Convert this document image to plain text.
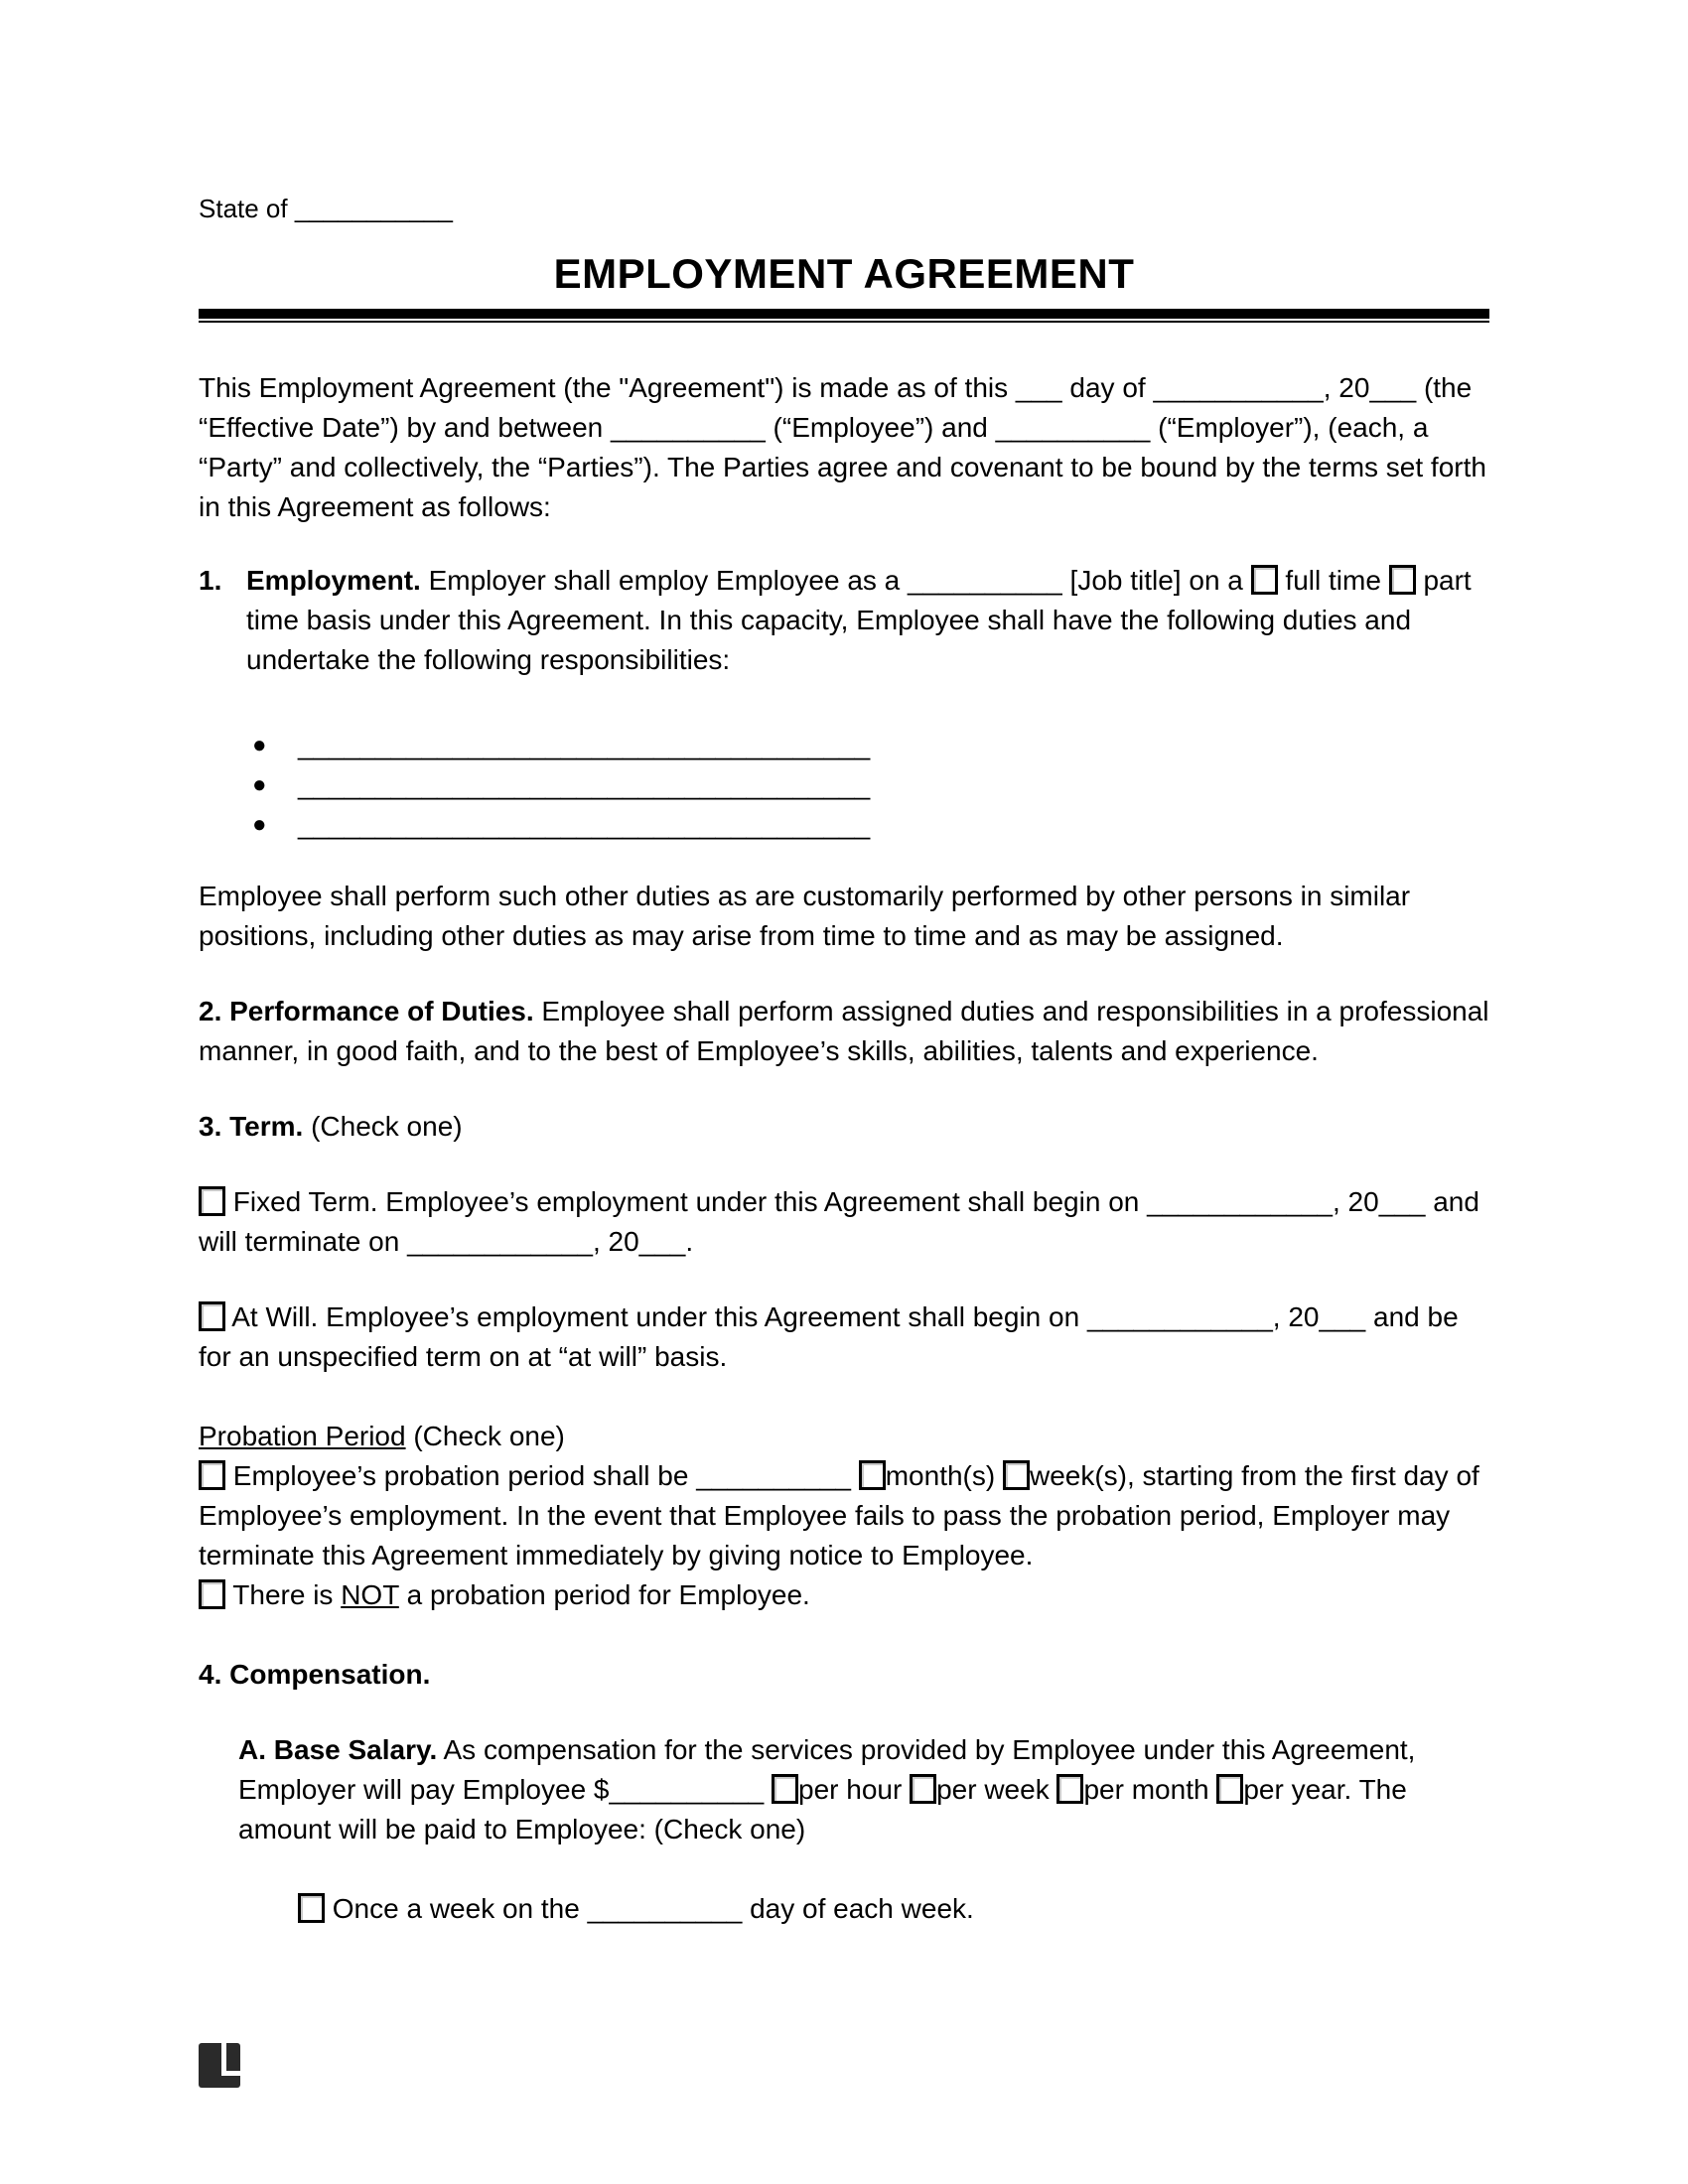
State of ___________

EMPLOYMENT AGREEMENT

This Employment Agreement (the "Agreement") is made as of this ___ day of ___________, 20___ (the “Effective Date”) by and between __________ (“Employee”) and __________ (“Employer”), (each, a “Party” and collectively, the “Parties”). The Parties agree and covenant to be bound by the terms set forth in this Agreement as follows:

1. Employment. Employer shall employ Employee as a __________ [Job title] on a  full time  part time basis under this Agreement. In this capacity, Employee shall have the following duties and undertake the following responsibilities:

● _____________________________________
● _____________________________________
● _____________________________________

Employee shall perform such other duties as are customarily performed by other persons in similar positions, including other duties as may arise from time to time and as may be assigned.

2. Performance of Duties. Employee shall perform assigned duties and responsibilities in a professional manner, in good faith, and to the best of Employee’s skills, abilities, talents and experience.

3. Term. (Check one)

Fixed Term. Employee’s employment under this Agreement shall begin on ____________, 20___ and will terminate on ____________, 20___.

At Will. Employee’s employment under this Agreement shall begin on ____________, 20___ and be for an unspecified term on at “at will” basis.

Probation Period (Check one)

Employee’s probation period shall be __________ month(s) week(s), starting from the first day of Employee’s employment. In the event that Employee fails to pass the probation period, Employer may terminate this Agreement immediately by giving notice to Employee.

There is NOT a probation period for Employee.

4. Compensation.

A. Base Salary. As compensation for the services provided by Employee under this Agreement, Employer will pay Employee $__________ per hour per week per month per year. The amount will be paid to Employee: (Check one)

Once a week on the __________ day of each week.
